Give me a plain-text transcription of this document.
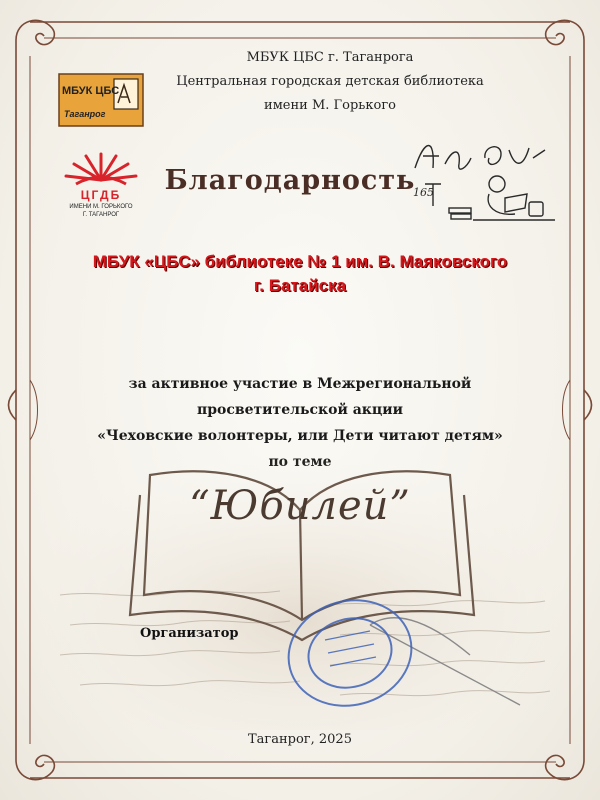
МБУК ЦБС г. Таганрога
Центральная городская детская библиотека
имени М. Горького
МБУК ЦБС
Таганрог
ЦГДБ
ИМЕНИ М. ГОРЬКОГО
Г. ТАГАНРОГ
Благодарность
165
МБУК «ЦБС» библиотеке № 1 им. В. Маяковского
г. Батайска
за активное участие в Межрегиональной
просветительской акции
«Чеховские волонтеры, или Дети читают детям»
“Юбилей”
Организатор
Таганрог, 2025
